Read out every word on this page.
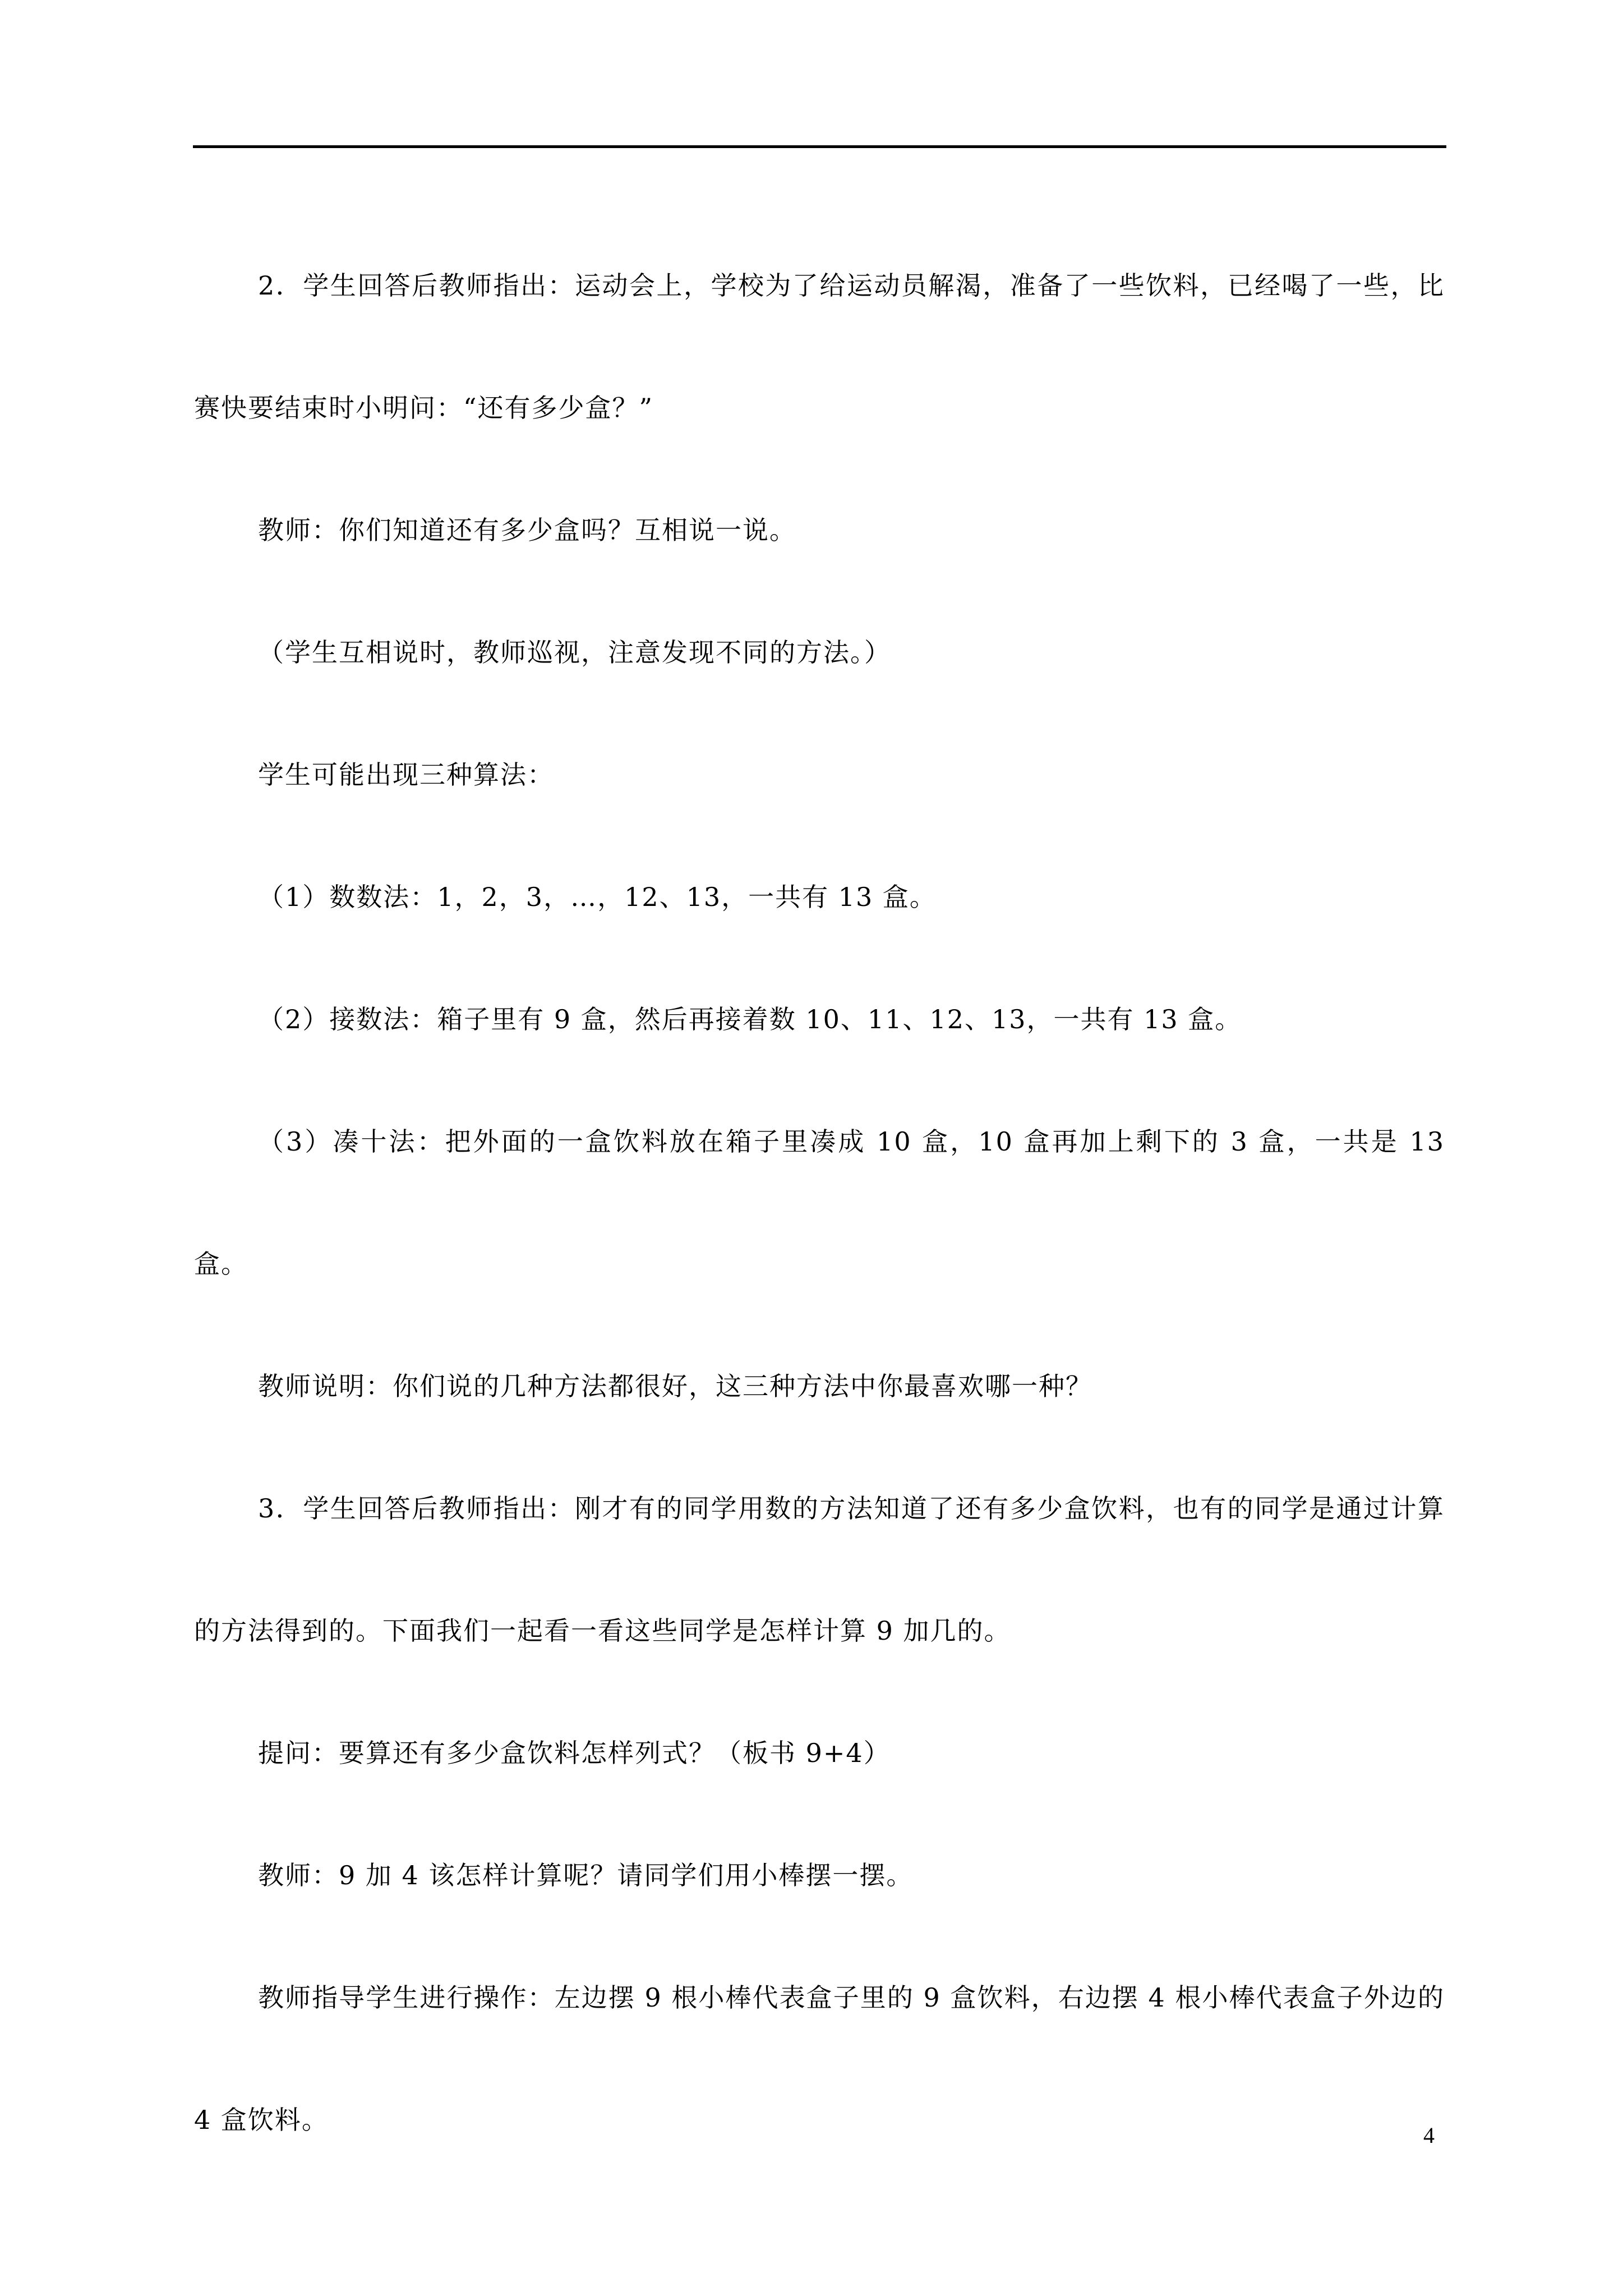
2．学生回答后教师指出：运动会上，学校为了给运动员解渴，准备了一些饮料，已经喝了一些，比赛快要结束时小明问：“还有多少盒？”

教师：你们知道还有多少盒吗？互相说一说。

（学生互相说时，教师巡视，注意发现不同的方法。）

学生可能出现三种算法：

（1）数数法：1，2，3，…，12、13，一共有 13 盒。

（2）接数法：箱子里有 9 盒，然后再接着数 10、11、12、13，一共有 13 盒。

（3）凑十法：把外面的一盒饮料放在箱子里凑成 10 盒，10 盒再加上剩下的 3 盒，一共是 13 盒。

教师说明：你们说的几种方法都很好，这三种方法中你最喜欢哪一种？

3．学生回答后教师指出：刚才有的同学用数的方法知道了还有多少盒饮料，也有的同学是通过计算的方法得到的。下面我们一起看一看这些同学是怎样计算 9 加几的。

提问：要算还有多少盒饮料怎样列式？（板书 9+4）

教师：9 加 4 该怎样计算呢？请同学们用小棒摆一摆。

教师指导学生进行操作：左边摆 9 根小棒代表盒子里的 9 盒饮料，右边摆 4 根小棒代表盒子外边的 4 盒饮料。

4
